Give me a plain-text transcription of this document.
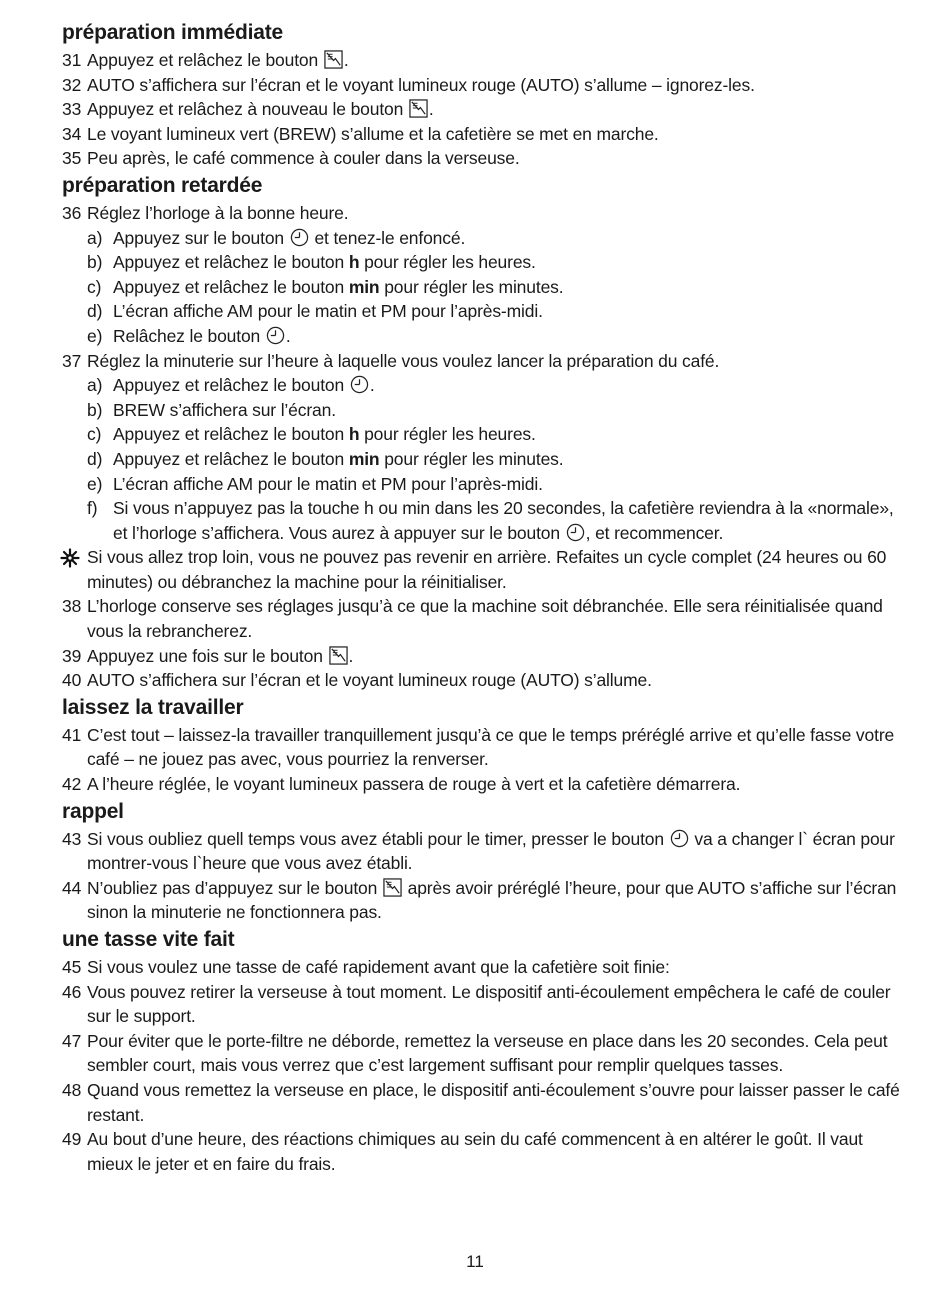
préparation immédiate
31 Appuyez et relâchez le bouton .
32 AUTO s’affichera sur l’écran et le voyant lumineux rouge (AUTO) s’allume – ignorez-les.
33 Appuyez et relâchez à nouveau le bouton .
34 Le voyant lumineux vert (BREW) s’allume et la cafetière se met en marche.
35 Peu après, le café commence à couler dans la verseuse.
préparation retardée
36 Réglez l’horloge à la bonne heure.
a) Appuyez sur le bouton et tenez-le enfoncé.
b) Appuyez et relâchez le bouton h pour régler les heures.
c) Appuyez et relâchez le bouton min pour régler les minutes.
d) L’écran affiche AM pour le matin et PM pour l’après-midi.
e) Relâchez le bouton .
37 Réglez la minuterie sur l’heure à laquelle vous voulez lancer la préparation du café.
a) Appuyez et relâchez le bouton .
b) BREW s’affichera sur l’écran.
c) Appuyez et relâchez le bouton h pour régler les heures.
d) Appuyez et relâchez le bouton min pour régler les minutes.
e) L’écran affiche AM pour le matin et PM pour l’après-midi.
f) Si vous n’appuyez pas la touche h ou min dans les 20 secondes, la cafetière reviendra à la «normale», et l’horloge s’affichera. Vous aurez à appuyer sur le bouton , et recommencer.
Si vous allez trop loin, vous ne pouvez pas revenir en arrière. Refaites un cycle complet (24 heures ou 60 minutes) ou débranchez la machine pour la réinitialiser.
38 L’horloge conserve ses réglages jusqu’à ce que la machine soit débranchée. Elle sera réinitialisée quand vous la rebrancherez.
39 Appuyez une fois sur le bouton .
40 AUTO s’affichera sur l’écran et le voyant lumineux rouge (AUTO) s’allume.
laissez la travailler
41 C’est tout – laissez-la travailler tranquillement jusqu’à ce que le temps préréglé arrive et qu’elle fasse votre café – ne jouez pas avec, vous pourriez la renverser.
42 A l’heure réglée, le voyant lumineux passera de rouge à vert et la cafetière démarrera.
rappel
43 Si vous oubliez quell temps vous avez établi pour le timer, presser le bouton va a changer l` écran pour montrer-vous l`heure que vous avez établi.
44 N’oubliez pas d’appuyez sur le bouton après avoir préréglé l’heure, pour que AUTO s’affiche sur l’écran sinon la minuterie ne fonctionnera pas.
une tasse vite fait
45 Si vous voulez une tasse de café rapidement avant que la cafetière soit finie:
46 Vous pouvez retirer la verseuse à tout moment. Le dispositif anti-écoulement empêchera le café de couler sur le support.
47 Pour éviter que le porte-filtre ne déborde, remettez la verseuse en place dans les 20 secondes. Cela peut sembler court, mais vous verrez que c’est largement suffisant pour remplir quelques tasses.
48 Quand vous remettez la verseuse en place, le dispositif anti-écoulement s’ouvre pour laisser passer le café restant.
49 Au bout d’une heure, des réactions chimiques au sein du café commencent à en altérer le goût. Il vaut mieux le jeter et en faire du frais.
11
